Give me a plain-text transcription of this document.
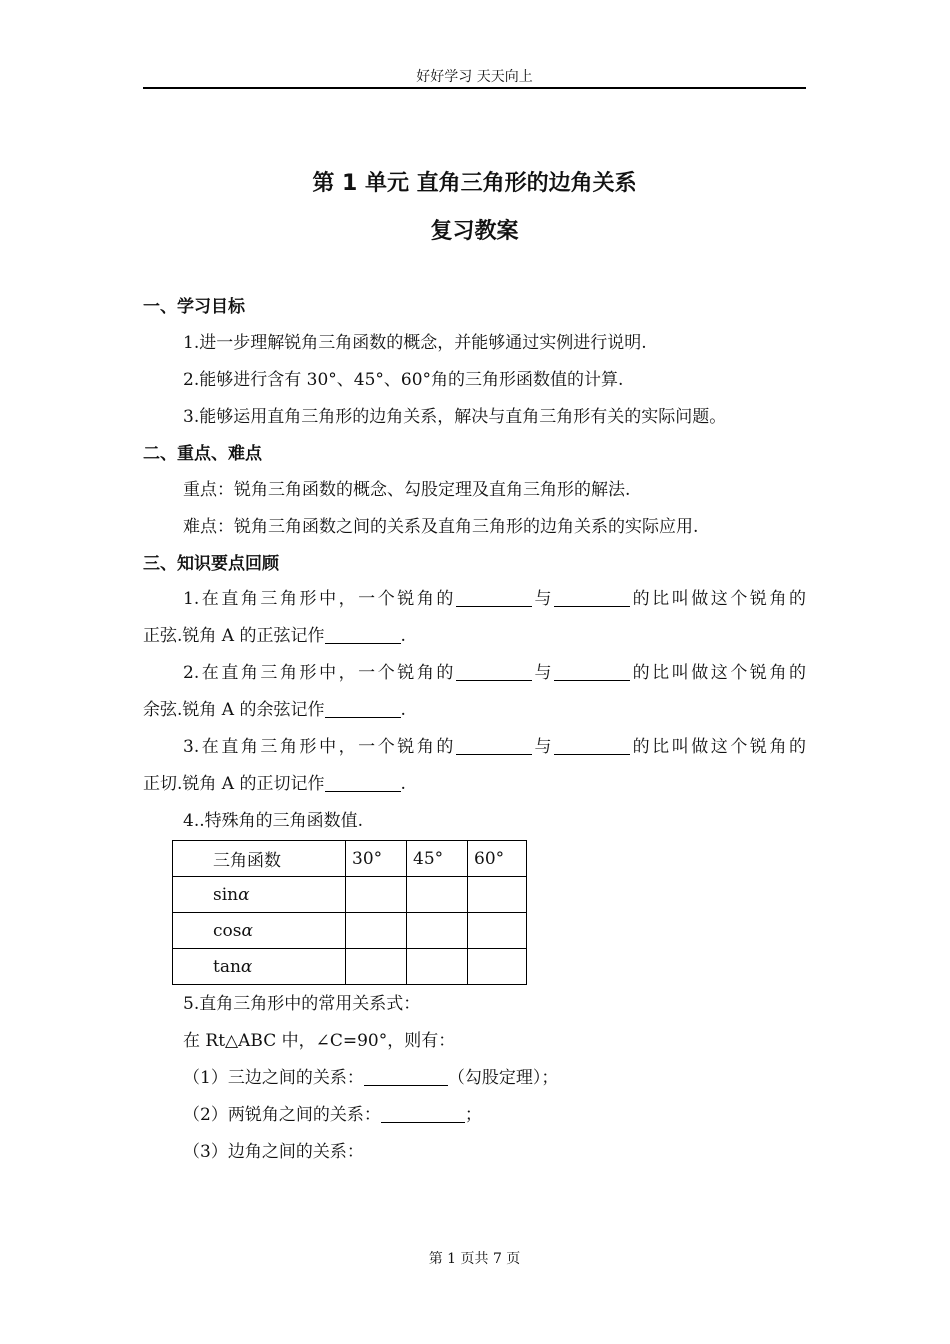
好好学习 天天向上
第 1 单元 直角三角形的边角关系
复习教案
一、学习目标
1.进一步理解锐角三角函数的概念，并能够通过实例进行说明.
2.能够进行含有 30°、45°、60°角的三角形函数值的计算.
3.能够运用直角三角形的边角关系，解决与直角三角形有关的实际问题。
二、重点、难点
重点：锐角三角函数的概念、勾股定理及直角三角形的解法.
难点：锐角三角函数之间的关系及直角三角形的边角关系的实际应用.
三、知识要点回顾
1.在直角三角形中，一个锐角的	与	的比叫做这个锐角的
正弦.锐角 A 的正弦记作	.
2.在直角三角形中，一个锐角的	与	的比叫做这个锐角的
余弦.锐角 A 的余弦记作	.
3.在直角三角形中，一个锐角的	与	的比叫做这个锐角的
正切.锐角 A 的正切记作	.
4..特殊角的三角函数值.
三角函数	30°	45°	60°
sinα			
cosα			
tanα			
5.直角三角形中的常用关系式：
在 Rt△ABC 中，∠C=90°，则有：
（1）三边之间的关系：	（勾股定理）；
（2）两锐角之间的关系：	；
（3）边角之间的关系：
第 1 页共 7 页
